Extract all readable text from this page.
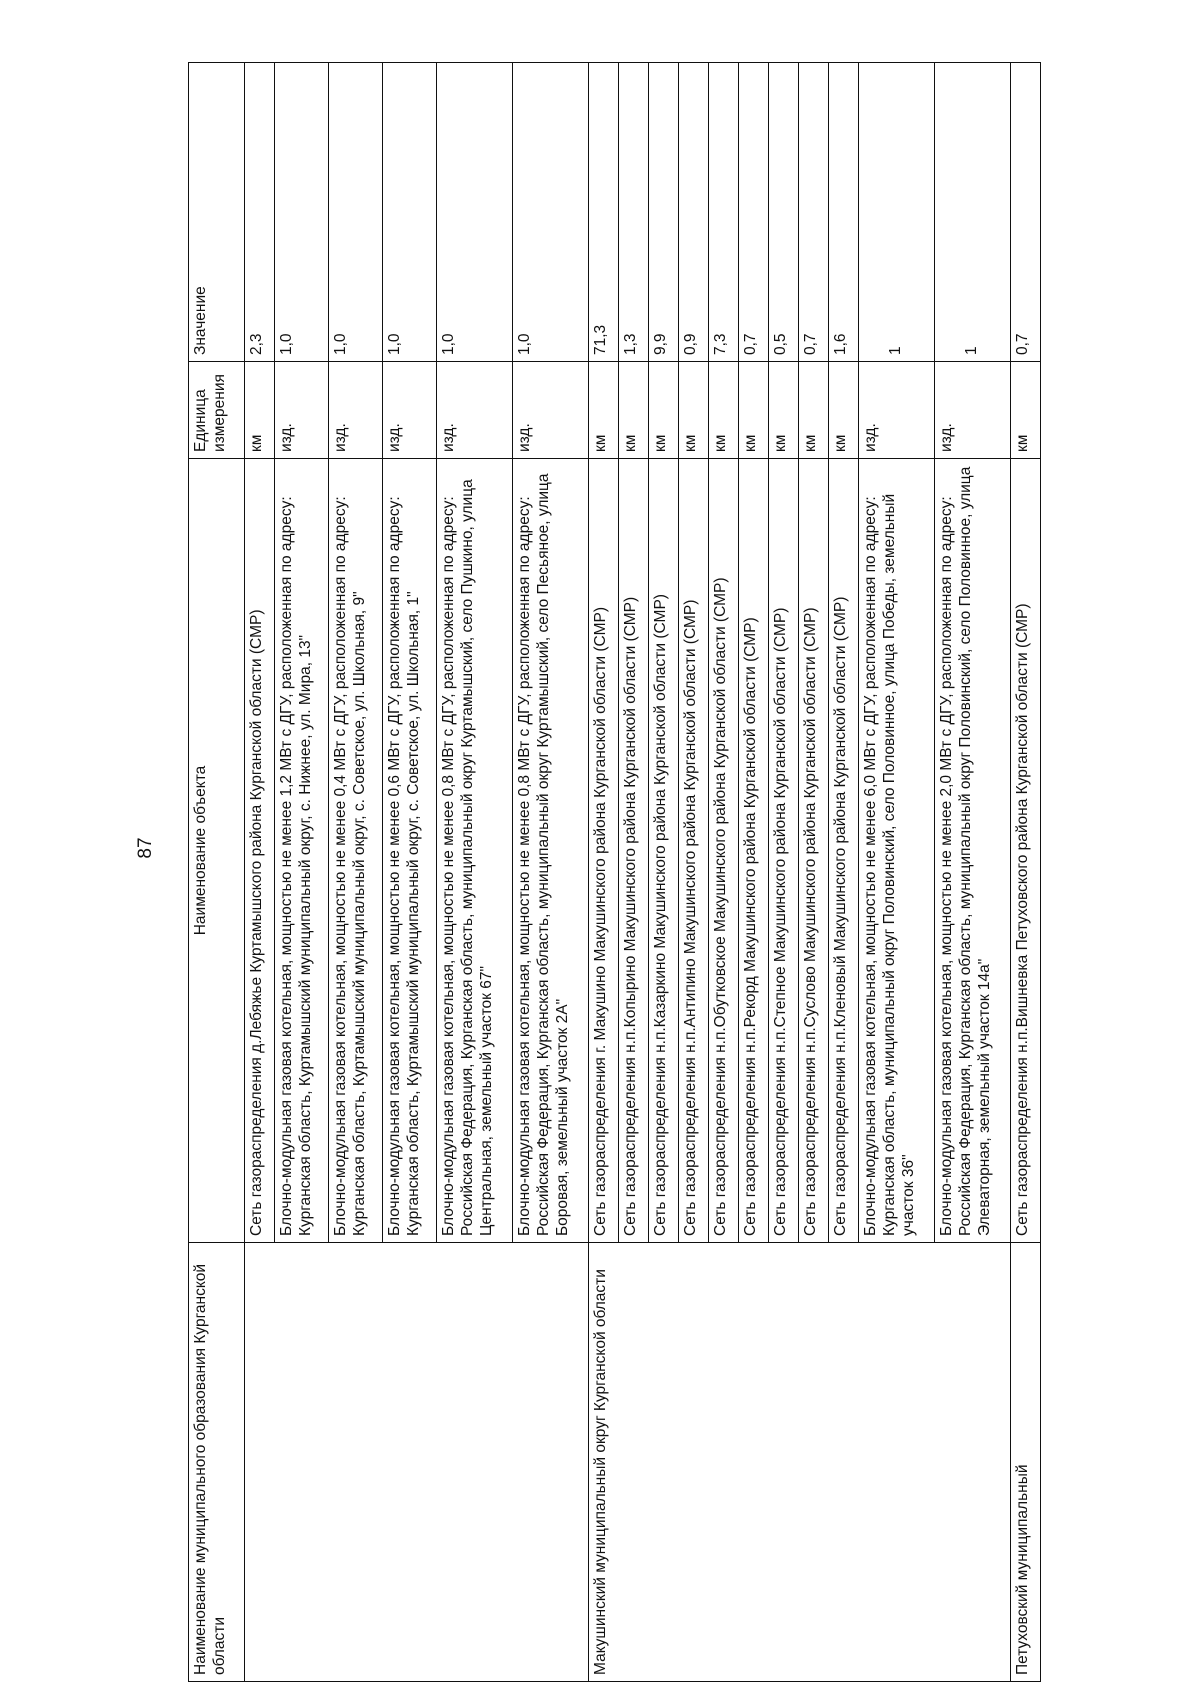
87
Наименование муниципального образования Курганской области	Наименование объекта	Единица измерения	Значение
	Сеть газораспределения д.Лебяжье Куртамышского района Курганской области (СМР)	км	2,3
	Блочно-модульная газовая котельная, мощностью не менее 1,2 МВт с ДГУ, расположенная по адресу: Курганская область, Куртамышский муниципальный округ, с. Нижнее, ул. Мира, 13"	изд.	1,0
	Блочно-модульная газовая котельная, мощностью не менее 0,4 МВт с ДГУ, расположенная по адресу: Курганская область, Куртамышский муниципальный округ, с. Советское, ул. Школьная, 9"	изд.	1,0
	Блочно-модульная газовая котельная, мощностью не менее 0,6 МВт с ДГУ, расположенная по адресу: Курганская область, Куртамышский муниципальный округ, с. Советское, ул. Школьная, 1"	изд.	1,0
	Блочно-модульная газовая котельная, мощностью не менее 0,8 МВт с ДГУ, расположенная по адресу: Российская Федерация, Курганская область, муниципальный округ Куртамышский, село Пушкино, улица Центральная, земельный участок 67"	изд.	1,0
	Блочно-модульная газовая котельная, мощностью не менее 0,8 МВт с ДГУ, расположенная по адресу: Российская Федерация, Курганская область, муниципальный округ Куртамышский, село Песьяное, улица Боровая, земельный участок 2А"	изд.	1,0
Макушинский муниципальный округ Курганской области	Сеть газораспределения г. Макушино Макушинского района Курганской области (СМР)	км	71,3
	Сеть газораспределения н.п.Копырино Макушинского района Курганской области (СМР)	км	1,3
	Сеть газораспределения н.п.Казаркино Макушинского района Курганской области (СМР)	км	9,9
	Сеть газораспределения н.п.Антипино Макушинского района Курганской области (СМР)	км	0,9
	Сеть газораспределения н.п.Обутковское Макушинского района Курганской области (СМР)	км	7,3
	Сеть газораспределения н.п.Рекорд Макушинского района Курганской области (СМР)	км	0,7
	Сеть газораспределения н.п.Степное Макушинского района Курганской области (СМР)	км	0,5
	Сеть газораспределения н.п.Суслово Макушинского района Курганской области (СМР)	км	0,7
	Сеть газораспределения н.п.Кленовый Макушинского района Курганской области (СМР)	км	1,6
	Блочно-модульная газовая котельная, мощностью не менее 6,0 МВт с ДГУ, расположенная по адресу: Курганская область, муниципальный округ Половинский, село Половинное, улица Победы, земельный участок 36"	изд.	1
	Блочно-модульная газовая котельная, мощностью не менее 2,0 МВт с ДГУ, расположенная по адресу: Российская Федерация, Курганская область, муниципальный округ Половинский, село Половинное, улица Элеваторная, земельный участок 14а"	изд.	1
Петуховский муниципальный	Сеть газораспределения н.п.Вишневка Петуховского района Курганской области (СМР)	км	0,7
